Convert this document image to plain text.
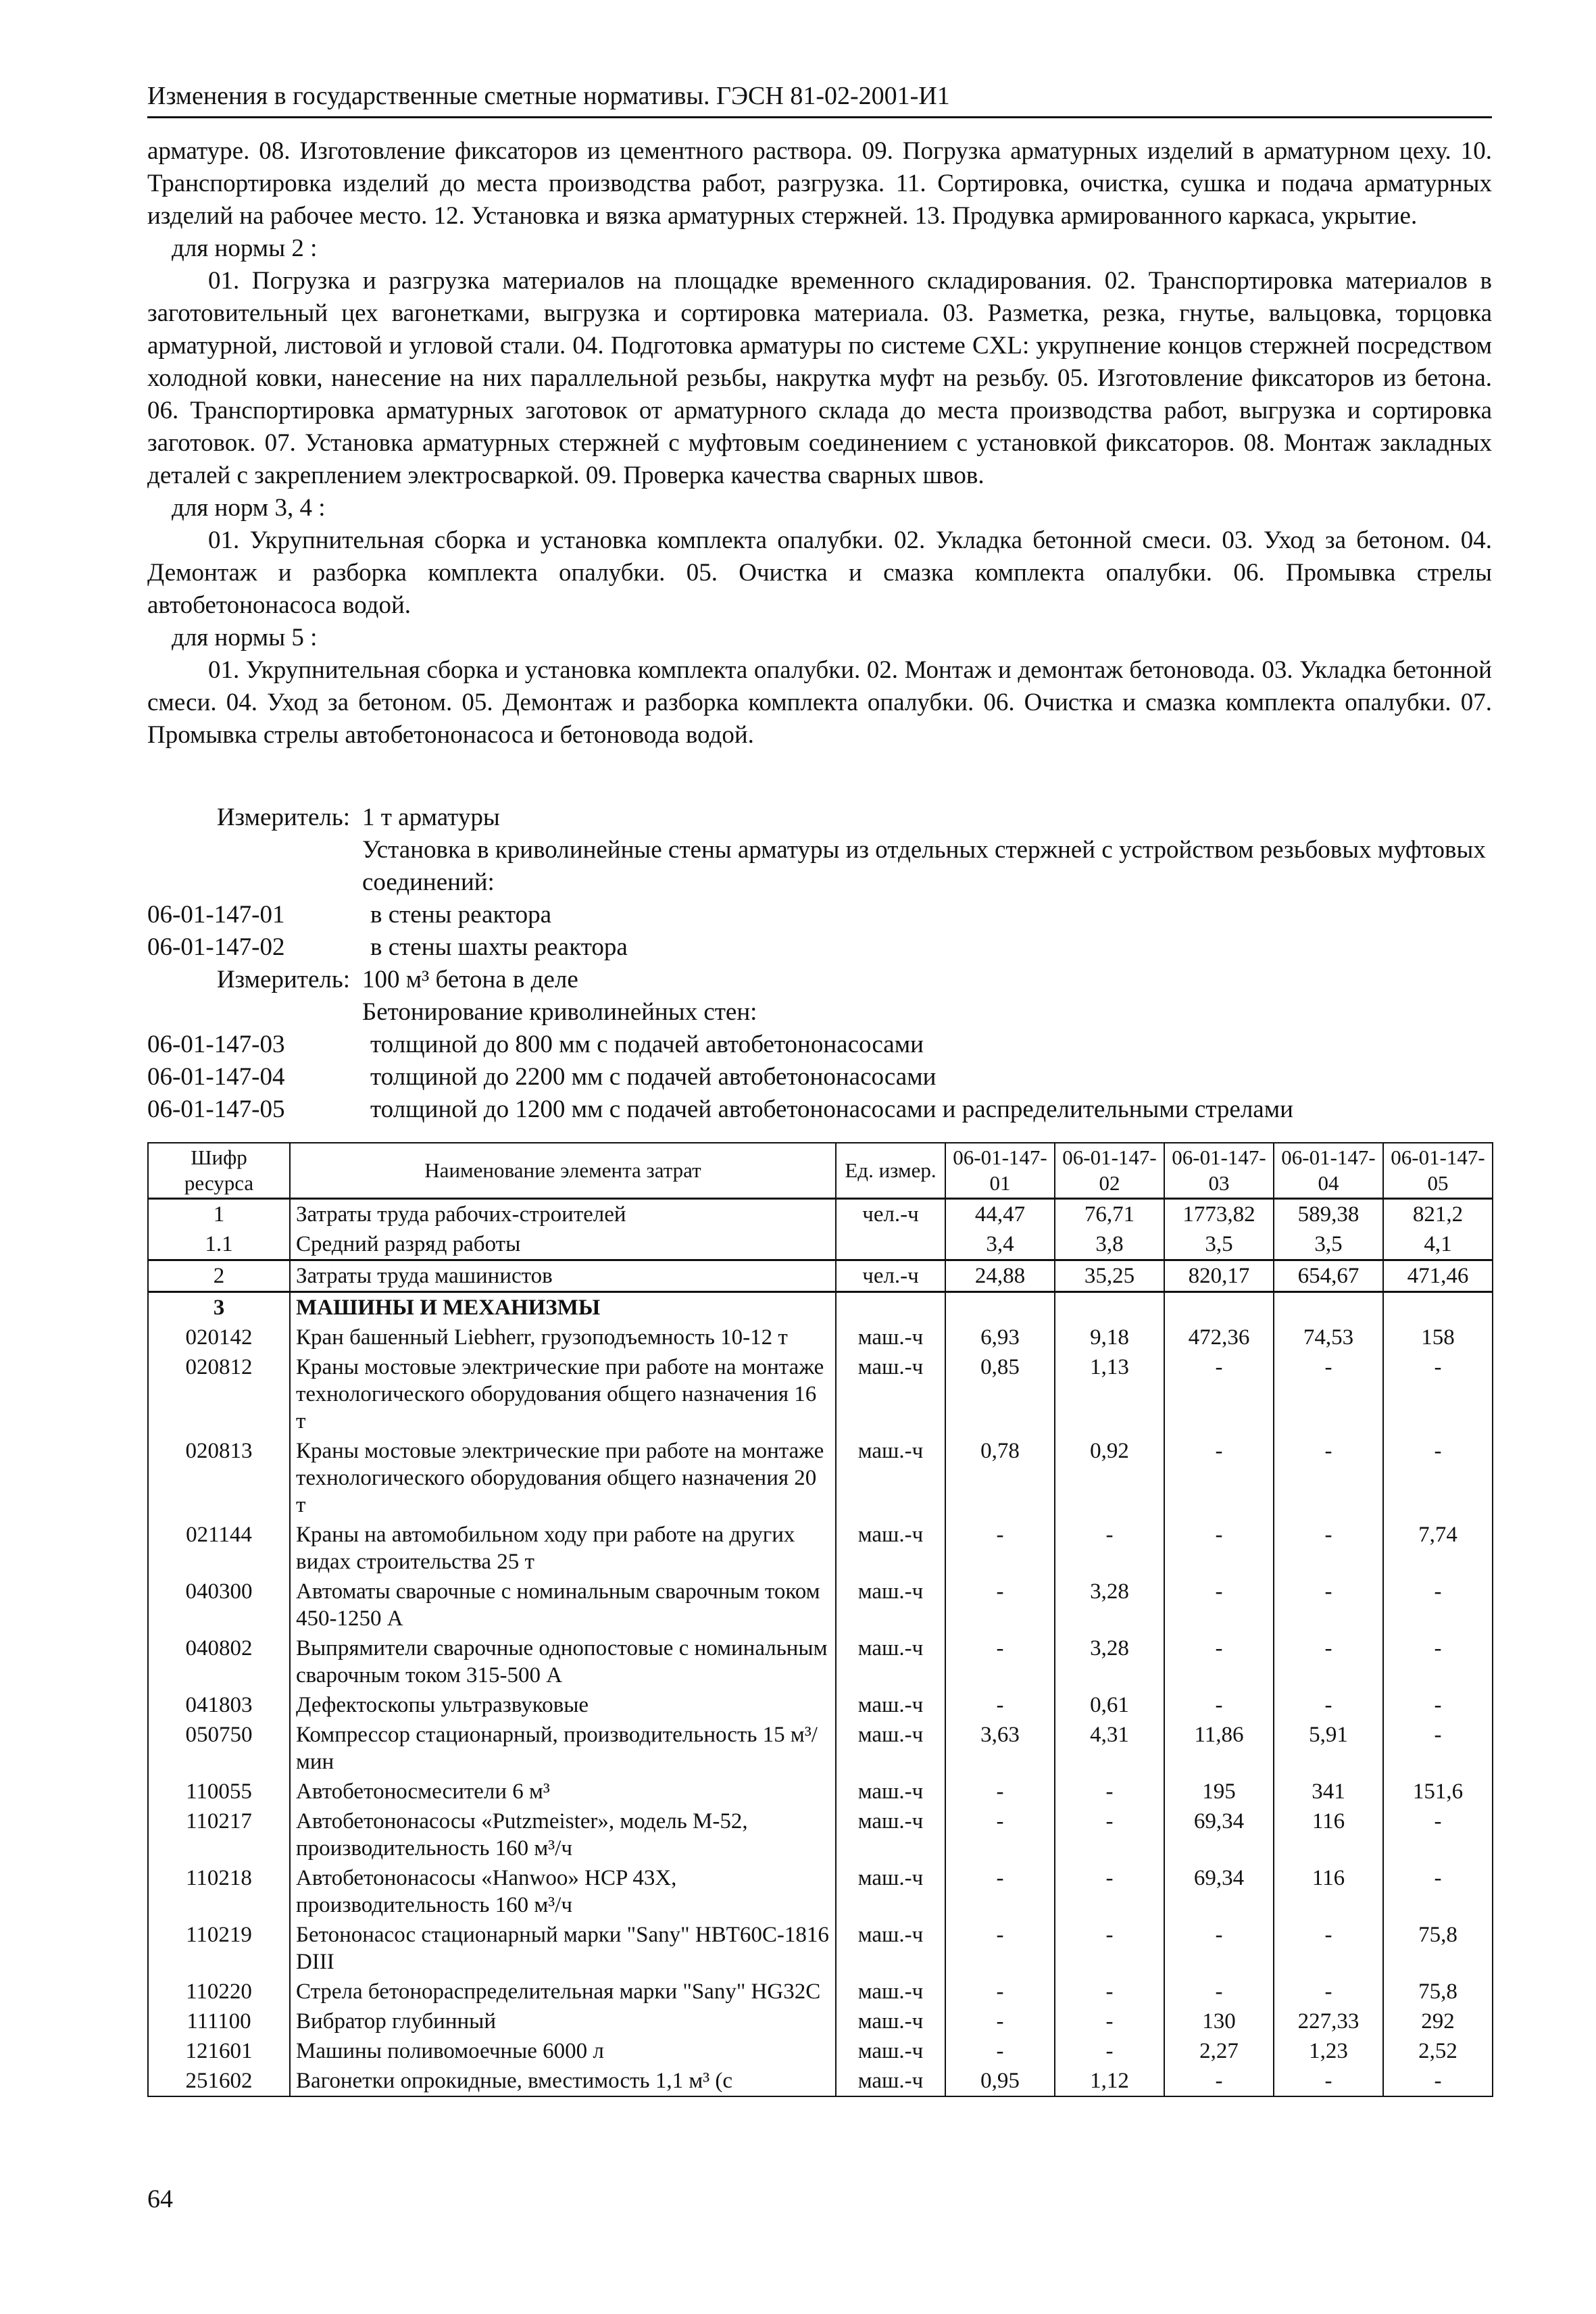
Изменения в государственные сметные нормативы. ГЭСН 81-02-2001-И1

арматуре. 08. Изготовление фиксаторов из цементного раствора. 09. Погрузка арматурных изделий в арматурном цеху. 10. Транспортировка изделий до места производства работ, разгрузка. 11. Сортировка, очистка, сушка и подача арматурных изделий на рабочее место. 12. Установка и вязка арматурных стержней. 13. Продувка армированного каркаса, укрытие.

для нормы 2 :

01. Погрузка и разгрузка материалов на площадке временного складирования. 02. Транспортировка материалов в заготовительный цех вагонетками, выгрузка и сортировка материала. 03. Разметка, резка, гнутье, вальцовка, торцовка арматурной, листовой и угловой стали. 04. Подготовка арматуры по системе CXL: укрупнение концов стержней посредством холодной ковки, нанесение на них параллельной резьбы, накрутка муфт на резьбу. 05. Изготовление фиксаторов из бетона. 06. Транспортировка арматурных заготовок от арматурного склада до места производства работ, выгрузка и сортировка заготовок. 07. Установка арматурных стержней с муфтовым соединением с установкой фиксаторов. 08. Монтаж закладных деталей с закреплением электросваркой. 09. Проверка качества сварных швов.

для норм 3, 4 :

01. Укрупнительная сборка и установка комплекта опалубки. 02. Укладка бетонной смеси. 03. Уход за бетоном. 04. Демонтаж и разборка комплекта опалубки. 05. Очистка и смазка комплекта опалубки. 06. Промывка стрелы автобетононасоса водой.

для нормы 5 :

01. Укрупнительная сборка и установка комплекта опалубки. 02. Монтаж и демонтаж бетоновода. 03. Укладка бетонной смеси. 04. Уход за бетоном. 05. Демонтаж и разборка комплекта опалубки. 06. Очистка и смазка комплекта опалубки. 07. Промывка стрелы автобетононасоса и бетоновода водой.

Измеритель: 1 т арматуры
Установка в криволинейные стены арматуры из отдельных стержней с устройством резьбовых муфтовых соединений:
06-01-147-01	в стены реактора
06-01-147-02	в стены шахты реактора
Измеритель: 100 м³ бетона в деле
Бетонирование криволинейных стен:
06-01-147-03	толщиной до 800 мм с подачей автобетононасосами
06-01-147-04	толщиной до 2200 мм с подачей автобетононасосами
06-01-147-05	толщиной до 1200 мм с подачей автобетононасосами и распределительными стрелами
Шифр ресурса	Наименование элемента затрат	Ед. измер.	06-01-147-01	06-01-147-02	06-01-147-03	06-01-147-04	06-01-147-05
1	Затраты труда рабочих-строителей	чел.-ч	44,47	76,71	1773,82	589,38	821,2
1.1	Средний разряд работы		3,4	3,8	3,5	3,5	4,1
2	Затраты труда машинистов	чел.-ч	24,88	35,25	820,17	654,67	471,46
3	МАШИНЫ И МЕХАНИЗМЫ						
020142	Кран башенный Liebherr, грузоподъемность 10-12 т	маш.-ч	6,93	9,18	472,36	74,53	158
020812	Краны мостовые электрические при работе на монтаже технологического оборудования общего назначения 16 т	маш.-ч	0,85	1,13	-	-	-
020813	Краны мостовые электрические при работе на монтаже технологического оборудования общего назначения 20 т	маш.-ч	0,78	0,92	-	-	-
021144	Краны на автомобильном ходу при работе на других видах строительства 25 т	маш.-ч	-	-	-	-	7,74
040300	Автоматы сварочные с номинальным сварочным током 450-1250 А	маш.-ч	-	3,28	-	-	-
040802	Выпрямители сварочные однопостовые с номинальным сварочным током 315-500 А	маш.-ч	-	3,28	-	-	-
041803	Дефектоскопы ультразвуковые	маш.-ч	-	0,61	-	-	-
050750	Компрессор стационарный, производительность 15 м³/мин	маш.-ч	3,63	4,31	11,86	5,91	-
110055	Автобетоносмесители 6 м³	маш.-ч	-	-	195	341	151,6
110217	Автобетононасосы «Putzmeister», модель М-52, производительность 160 м³/ч	маш.-ч	-	-	69,34	116	-
110218	Автобетононасосы «Hanwoo» HCP 43X, производительность 160 м³/ч	маш.-ч	-	-	69,34	116	-
110219	Бетононасос стационарный марки "Sany" HBT60C-1816 DIII	маш.-ч	-	-	-	-	75,8
110220	Стрела бетонораспределительная марки "Sany" HG32C	маш.-ч	-	-	-	-	75,8
111100	Вибратор глубинный	маш.-ч	-	-	130	227,33	292
121601	Машины поливомоечные 6000 л	маш.-ч	-	-	2,27	1,23	2,52
251602	Вагонетки опрокидные, вместимость 1,1 м³ (с	маш.-ч	0,95	1,12	-	-	-
64
